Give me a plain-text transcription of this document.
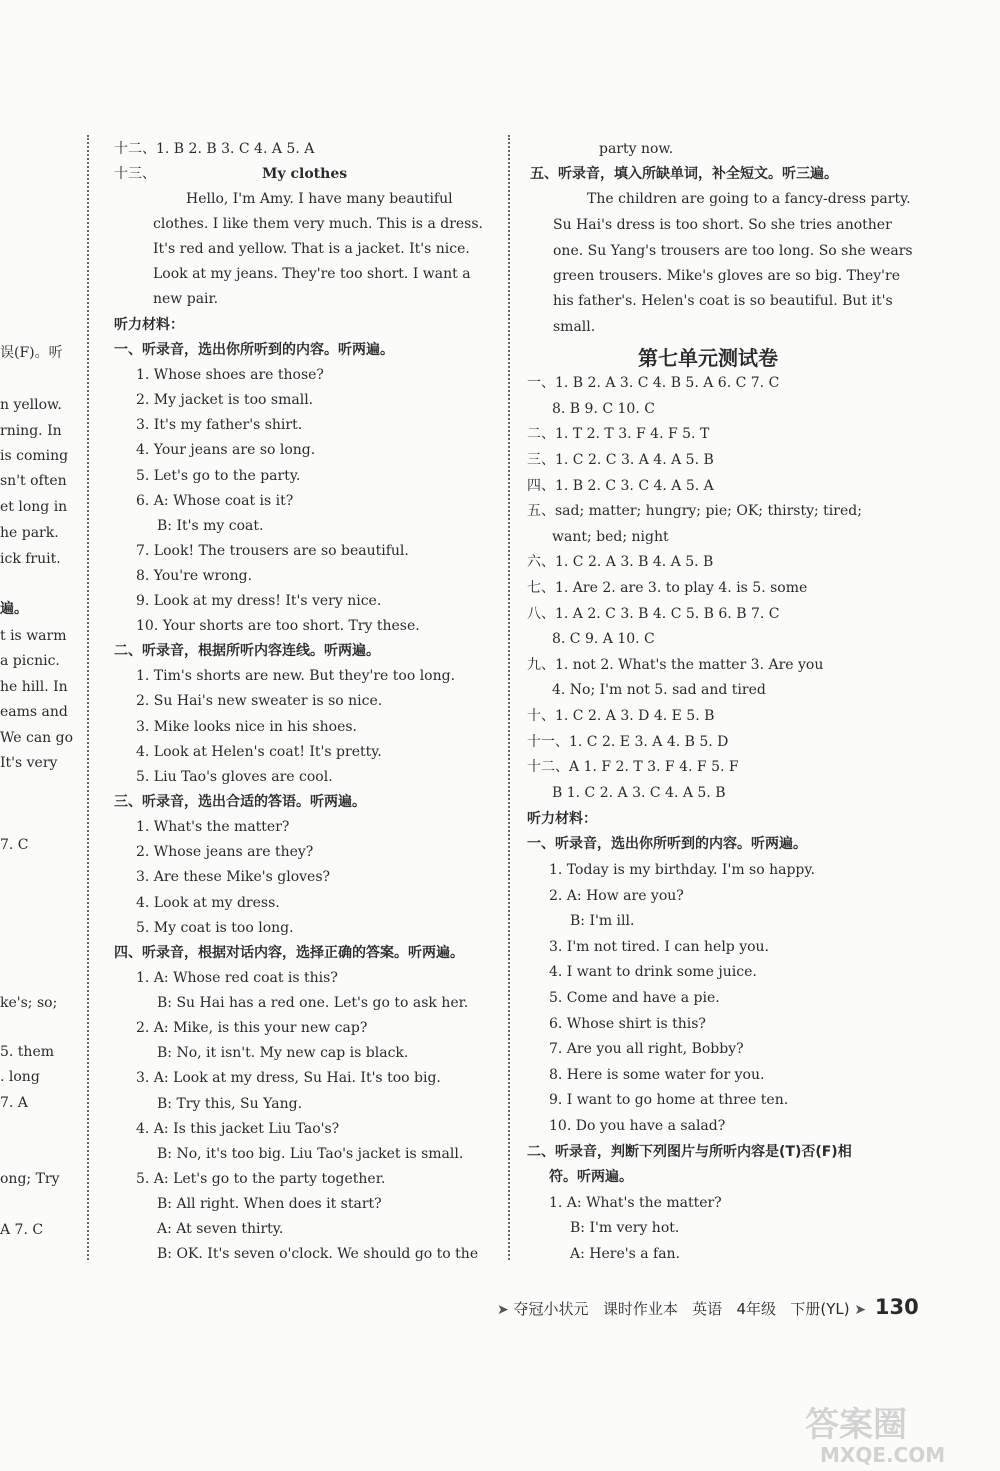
误(F)。听
n yellow.
rning. In
is coming
sn't often
et long in
he park.
ick fruit.
遍。
t is warm
a picnic.
he hill. In
eams and
We can go
It's very
7. C
ke's; so;
5. them
. long
7. A
ong; Try
A 7. C
十二、1. B 2. B 3. C 4. A 5. A
十三、	My clothes
Hello, I'm Amy. I have many beautiful
clothes. I like them very much. This is a dress.
It's red and yellow. That is a jacket. It's nice.
Look at my jeans. They're too short. I want a
new pair.
听力材料：
一、听录音，选出你所听到的内容。听两遍。
1. Whose shoes are those?
2. My jacket is too small.
3. It's my father's shirt.
4. Your jeans are so long.
5. Let's go to the party.
6. A: Whose coat is it?
B: It's my coat.
7. Look! The trousers are so beautiful.
8. You're wrong.
9. Look at my dress! It's very nice.
10. Your shorts are too short. Try these.
二、听录音，根据所听内容连线。听两遍。
1. Tim's shorts are new. But they're too long.
2. Su Hai's new sweater is so nice.
3. Mike looks nice in his shoes.
4. Look at Helen's coat! It's pretty.
5. Liu Tao's gloves are cool.
三、听录音，选出合适的答语。听两遍。
1. What's the matter?
2. Whose jeans are they?
3. Are these Mike's gloves?
4. Look at my dress.
5. My coat is too long.
四、听录音，根据对话内容，选择正确的答案。听两遍。
1. A: Whose red coat is this?
B: Su Hai has a red one. Let's go to ask her.
2. A: Mike, is this your new cap?
B: No, it isn't. My new cap is black.
3. A: Look at my dress, Su Hai. It's too big.
B: Try this, Su Yang.
4. A: Is this jacket Liu Tao's?
B: No, it's too big. Liu Tao's jacket is small.
5. A: Let's go to the party together.
B: All right. When does it start?
A: At seven thirty.
B: OK. It's seven o'clock. We should go to the
party now.
五、听录音，填入所缺单词，补全短文。听三遍。
The children are going to a fancy-dress party.
Su Hai's dress is too short. So she tries another
one. Su Yang's trousers are too long. So she wears
green trousers. Mike's gloves are so big. They're
his father's. Helen's coat is so beautiful. But it's
small.
第七单元测试卷
一、1. B 2. A 3. C 4. B 5. A 6. C 7. C
8. B 9. C 10. C
二、1. T 2. T 3. F 4. F 5. T
三、1. C 2. C 3. A 4. A 5. B
四、1. B 2. C 3. C 4. A 5. A
五、sad; matter; hungry; pie; OK; thirsty; tired;
want; bed; night
六、1. C 2. A 3. B 4. A 5. B
七、1. Are 2. are 3. to play 4. is 5. some
八、1. A 2. C 3. B 4. C 5. B 6. B 7. C
8. C 9. A 10. C
九、1. not 2. What's the matter 3. Are you
4. No; I'm not 5. sad and tired
十、1. C 2. A 3. D 4. E 5. B
十一、1. C 2. E 3. A 4. B 5. D
十二、A 1. F 2. T 3. F 4. F 5. F
B 1. C 2. A 3. C 4. A 5. B
听力材料：
一、听录音，选出你所听到的内容。听两遍。
1. Today is my birthday. I'm so happy.
2. A: How are you?
B: I'm ill.
3. I'm not tired. I can help you.
4. I want to drink some juice.
5. Come and have a pie.
6. Whose shirt is this?
7. Are you all right, Bobby?
8. Here is some water for you.
9. I want to go home at three ten.
10. Do you have a salad?
二、听录音，判断下列图片与所听内容是(T)否(F)相
符。听两遍。
1. A: What's the matter?
B: I'm very hot.
A: Here's a fan.
➤ 夺冠小状元 课时作业本 英语 4年级 下册(YL) ➤ 130
答案圈
MXQE.COM
